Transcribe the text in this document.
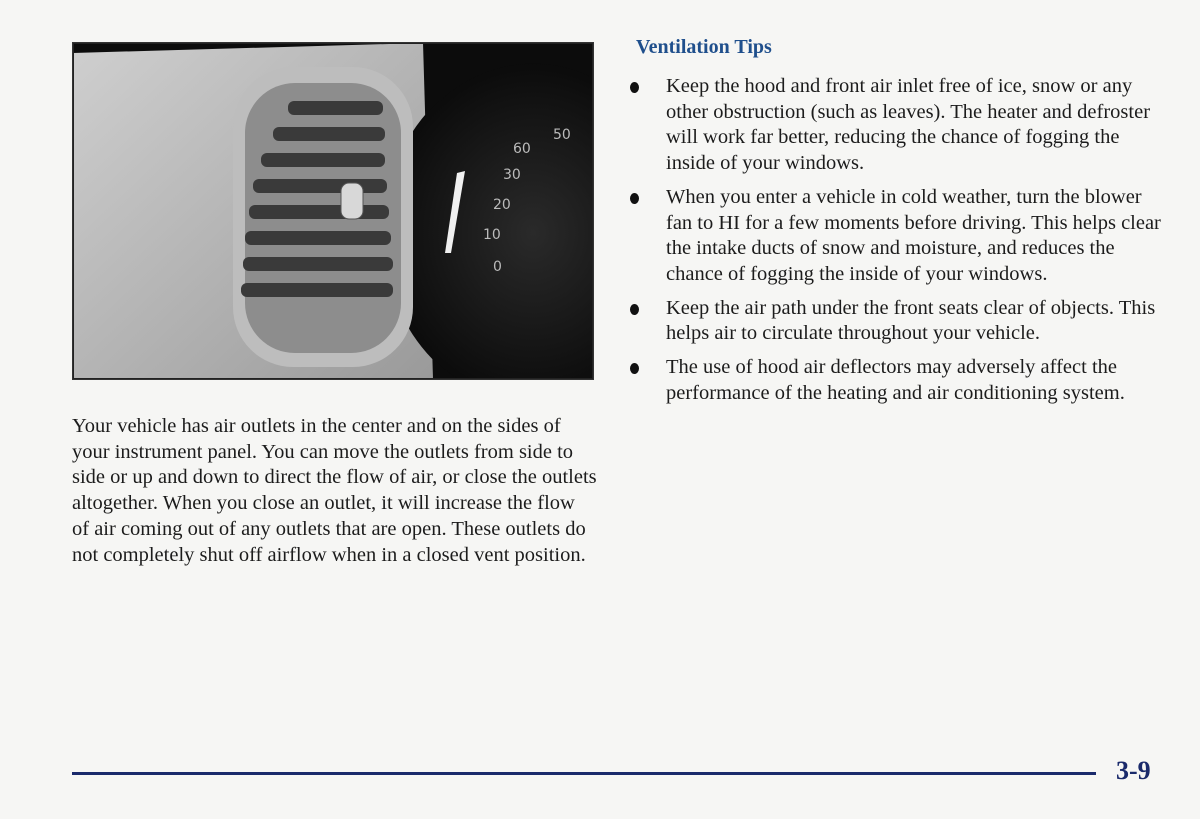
60
50
30
20
10
0

Your vehicle has air outlets in the center and on the sides of your instrument panel. You can move the outlets from side to side or up and down to direct the flow of air, or close the outlets altogether. When you close an outlet, it will increase the flow of air coming out of any outlets that are open. These outlets do not completely shut off airflow when in a closed vent position.

Ventilation Tips
Keep the hood and front air inlet free of ice, snow or any other obstruction (such as leaves). The heater and defroster will work far better, reducing the chance of fogging the inside of your windows.
When you enter a vehicle in cold weather, turn the blower fan to HI for a few moments before driving. This helps clear the intake ducts of snow and moisture, and reduces the chance of fogging the inside of your windows.
Keep the air path under the front seats clear of objects. This helps air to circulate throughout your vehicle.
The use of hood air deflectors may adversely affect the performance of the heating and air conditioning system.
3-9
